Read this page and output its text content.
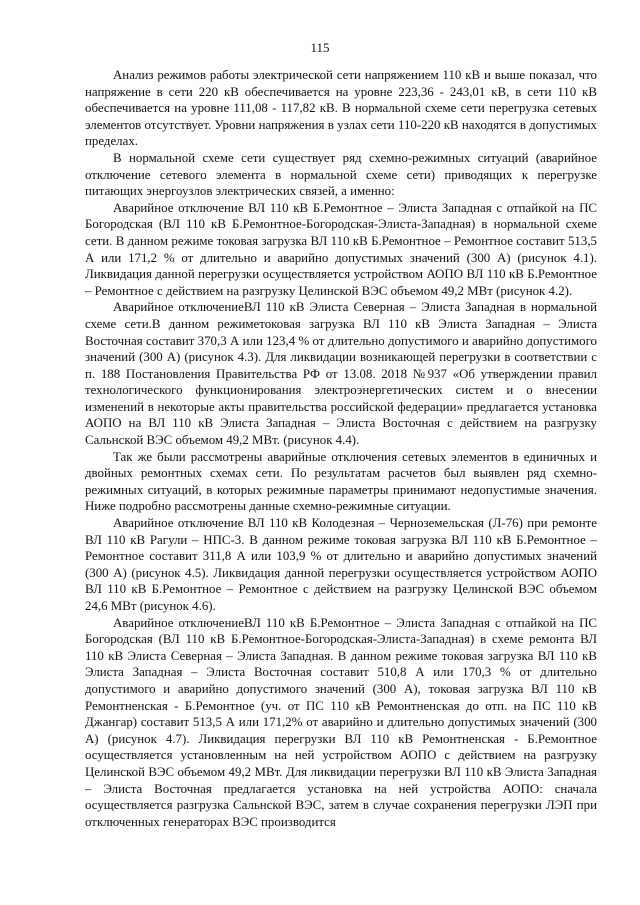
115

Анализ режимов работы электрической сети напряжением 110 кВ и выше показал, что напряжение в сети 220 кВ обеспечивается на уровне 223,36 - 243,01 кВ, в сети 110 кВ обеспечивается на уровне 111,08 - 117,82 кВ. В нормальной схеме сети перегрузка сетевых элементов отсутствует. Уровни напряжения в узлах сети 110-220 кВ находятся в допустимых пределах.

В нормальной схеме сети существует ряд схемно-режимных ситуаций (аварийное отключение сетевого элемента в нормальной схеме сети) приводящих к перегрузке питающих энергоузлов электрических связей, а именно:

Аварийное отключение ВЛ 110 кВ Б.Ремонтное – Элиста Западная с отпайкой на ПС Богородская (ВЛ 110 кВ Б.Ремонтное-Богородская-Элиста-Западная) в нормальной схеме сети. В данном режиме токовая загрузка ВЛ 110 кВ Б.Ремонтное – Ремонтное составит 513,5 А или 171,2 % от длительно и аварийно допустимых значений (300 А) (рисунок 4.1). Ликвидация данной перегрузки осуществляется устройством АОПО ВЛ 110 кВ Б.Ремонтное – Ремонтное с действием на разгрузку Целинской ВЭС объемом 49,2 МВт (рисунок 4.2).

Аварийное отключениеВЛ 110 кВ Элиста Северная – Элиста Западная в нормальной схеме сети.В данном режиметоковая загрузка ВЛ 110 кВ Элиста Западная – Элиста Восточная составит 370,3 А или 123,4 % от длительно допустимого и аварийно допустимого значений (300 А) (рисунок 4.3). Для ликвидации возникающей перегрузки в соответствии с п. 188 Постановления Правительства РФ от 13.08. 2018 №937 «Об утверждении правил технологического функционирования электроэнергетических систем и о внесении изменений в некоторые акты правительства российской федерации» предлагается установка АОПО на ВЛ 110 кВ Элиста Западная – Элиста Восточная с действием на разгрузку Сальнской ВЭС объемом 49,2 МВт. (рисунок 4.4).

Так же были рассмотрены аварийные отключения сетевых элементов в единичных и двойных ремонтных схемах сети. По результатам расчетов был выявлен ряд схемно-режимных ситуаций, в которых режимные параметры принимают недопустимые значения. Ниже подробно рассмотрены данные схемно-режимные ситуации.

Аварийное отключение ВЛ 110 кВ Колодезная – Черноземельская (Л-76) при ремонте ВЛ 110 кВ Рагули – НПС-3. В данном режиме токовая загрузка ВЛ 110 кВ Б.Ремонтное – Ремонтное составит 311,8 А или 103,9 % от длительно и аварийно допустимых значений (300 А) (рисунок 4.5). Ликвидация данной перегрузки осуществляется устройством АОПО ВЛ 110 кВ Б.Ремонтное – Ремонтное с действием на разгрузку Целинской ВЭС объемом 24,6 МВт (рисунок 4.6).

Аварийное отключениеВЛ 110 кВ Б.Ремонтное – Элиста Западная с отпайкой на ПС Богородская (ВЛ 110 кВ Б.Ремонтное-Богородская-Элиста-Западная) в схеме ремонта ВЛ 110 кВ Элиста Северная – Элиста Западная. В данном режиме токовая загрузка ВЛ 110 кВ Элиста Западная – Элиста Восточная составит 510,8 А или 170,3 % от длительно допустимого и аварийно допустимого значений (300 А), токовая загрузка ВЛ 110 кВ Ремонтненская - Б.Ремонтное (уч. от ПС 110 кВ Ремонтненская до отп. на ПС 110 кВ Джангар) составит 513,5 А или 171,2% от аварийно и длительно допустимых значений (300 А) (рисунок 4.7). Ликвидация перегрузки ВЛ 110 кВ Ремонтненская - Б.Ремонтное осуществляется установленным на ней устройством АОПО с действием на разгрузку Целинской ВЭС объемом 49,2 МВт. Для ликвидации перегрузки ВЛ 110 кВ Элиста Западная – Элиста Восточная предлагается установка на ней устройства АОПО: сначала осуществляется разгрузка Сальнской ВЭС, затем в случае сохранения перегрузки ЛЭП при отключенных генераторах ВЭС производится
